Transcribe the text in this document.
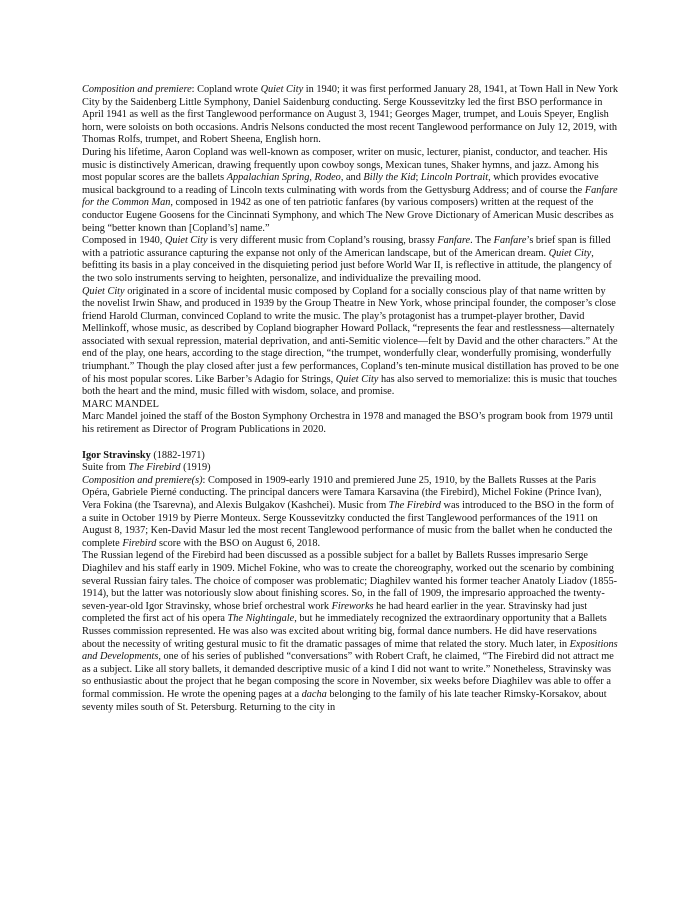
Composition and premiere: Copland wrote Quiet City in 1940; it was first performed January 28, 1941, at Town Hall in New York City by the Saidenberg Little Symphony, Daniel Saidenburg conducting. Serge Koussevitzky led the first BSO performance in April 1941 as well as the first Tanglewood performance on August 3, 1941; Georges Mager, trumpet, and Louis Speyer, English horn, were soloists on both occasions. Andris Nelsons conducted the most recent Tanglewood performance on July 12, 2019, with Thomas Rolfs, trumpet, and Robert Sheena, English horn.

During his lifetime, Aaron Copland was well-known as composer, writer on music, lecturer, pianist, conductor, and teacher. His music is distinctively American, drawing frequently upon cowboy songs, Mexican tunes, Shaker hymns, and jazz. Among his most popular scores are the ballets Appalachian Spring, Rodeo, and Billy the Kid; Lincoln Portrait, which provides evocative musical background to a reading of Lincoln texts culminating with words from the Gettysburg Address; and of course the Fanfare for the Common Man, composed in 1942 as one of ten patriotic fanfares (by various composers) written at the request of the conductor Eugene Goosens for the Cincinnati Symphony, and which The New Grove Dictionary of American Music describes as being “better known than [Copland’s] name.”

Composed in 1940, Quiet City is very different music from Copland’s rousing, brassy Fanfare. The Fanfare’s brief span is filled with a patriotic assurance capturing the expanse not only of the American landscape, but of the American dream. Quiet City, befitting its basis in a play conceived in the disquieting period just before World War II, is reflective in attitude, the plangency of the two solo instruments serving to heighten, personalize, and individualize the prevailing mood.

Quiet City originated in a score of incidental music composed by Copland for a socially conscious play of that name written by the novelist Irwin Shaw, and produced in 1939 by the Group Theatre in New York, whose principal founder, the composer’s close friend Harold Clurman, convinced Copland to write the music. The play’s protagonist has a trumpet-player brother, David Mellinkoff, whose music, as described by Copland biographer Howard Pollack, “represents the fear and restlessness—alternately associated with sexual repression, material deprivation, and anti-Semitic violence—felt by David and the other characters.” At the end of the play, one hears, according to the stage direction, “the trumpet, wonderfully clear, wonderfully promising, wonderfully triumphant.” Though the play closed after just a few performances, Copland’s ten-minute musical distillation has proved to be one of his most popular scores. Like Barber’s Adagio for Strings, Quiet City has also served to memorialize: this is music that touches both the heart and the mind, music filled with wisdom, solace, and promise.

MARC MANDEL

Marc Mandel joined the staff of the Boston Symphony Orchestra in 1978 and managed the BSO’s program book from 1979 until his retirement as Director of Program Publications in 2020.

Igor Stravinsky (1882-1971)

Suite from The Firebird (1919)

Composition and premiere(s): Composed in 1909-early 1910 and premiered June 25, 1910, by the Ballets Russes at the Paris Opéra, Gabriele Pierné conducting. The principal dancers were Tamara Karsavina (the Firebird), Michel Fokine (Prince Ivan), Vera Fokina (the Tsarevna), and Alexis Bulgakov (Kashchei). Music from The Firebird was introduced to the BSO in the form of a suite in October 1919 by Pierre Monteux. Serge Koussevitzky conducted the first Tanglewood performances of the 1911 on August 8, 1937; Ken-David Masur led the most recent Tanglewood performance of music from the ballet when he conducted the complete Firebird score with the BSO on August 6, 2018.

The Russian legend of the Firebird had been discussed as a possible subject for a ballet by Ballets Russes impresario Serge Diaghilev and his staff early in 1909. Michel Fokine, who was to create the choreography, worked out the scenario by combining several Russian fairy tales. The choice of composer was problematic; Diaghilev wanted his former teacher Anatoly Liadov (1855-1914), but the latter was notoriously slow about finishing scores. So, in the fall of 1909, the impresario approached the twenty-seven-year-old Igor Stravinsky, whose brief orchestral work Fireworks he had heard earlier in the year. Stravinsky had just completed the first act of his opera The Nightingale, but he immediately recognized the extraordinary opportunity that a Ballets Russes commission represented. He was also was excited about writing big, formal dance numbers. He did have reservations about the necessity of writing gestural music to fit the dramatic passages of mime that related the story. Much later, in Expositions and Developments, one of his series of published “conversations” with Robert Craft, he claimed, “The Firebird did not attract me as a subject. Like all story ballets, it demanded descriptive music of a kind I did not want to write.” Nonetheless, Stravinsky was so enthusiastic about the project that he began composing the score in November, six weeks before Diaghilev was able to offer a formal commission. He wrote the opening pages at a dacha belonging to the family of his late teacher Rimsky-Korsakov, about seventy miles south of St. Petersburg. Returning to the city in
